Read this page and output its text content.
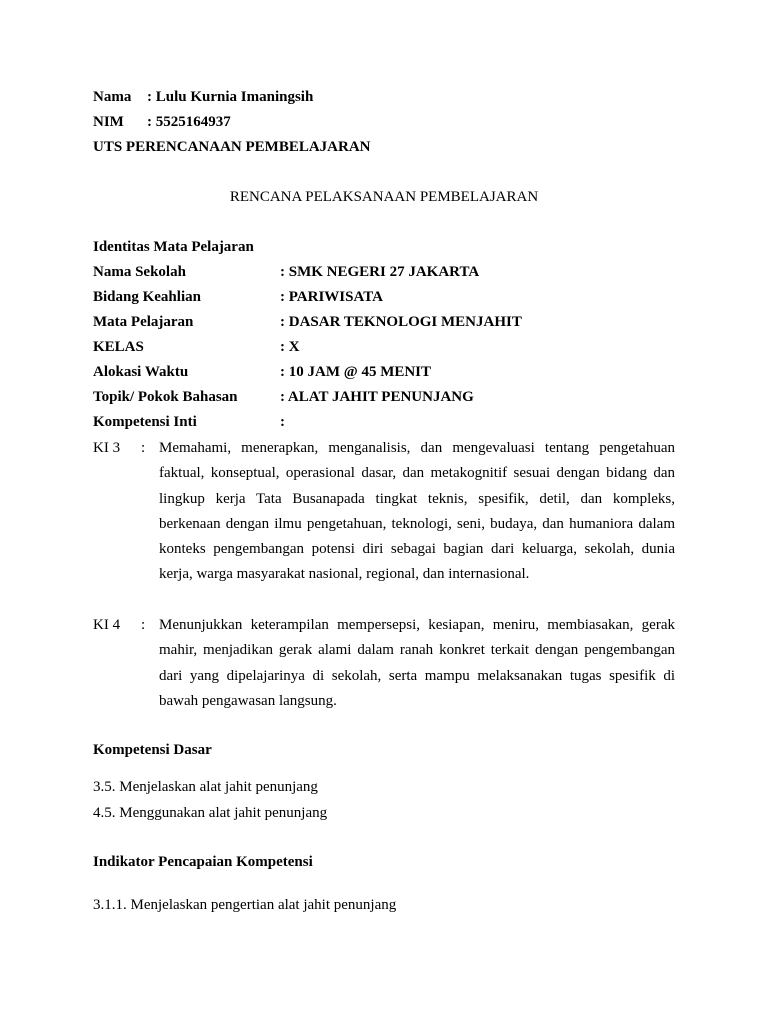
Nama : Lulu Kurnia Imaningsih
NIM : 5525164937
UTS PERENCANAAN PEMBELAJARAN
RENCANA PELAKSANAAN PEMBELAJARAN
Identitas Mata Pelajaran
Nama Sekolah	: SMK NEGERI 27 JAKARTA
Bidang Keahlian	: PARIWISATA
Mata Pelajaran	: DASAR TEKNOLOGI MENJAHIT
KELAS	: X
Alokasi Waktu	: 10 JAM @ 45 MENIT
Topik/ Pokok Bahasan	: ALAT JAHIT PENUNJANG
Kompetensi Inti	:
KI 3 : Memahami, menerapkan, menganalisis, dan mengevaluasi tentang pengetahuan faktual, konseptual, operasional dasar, dan metakognitif sesuai dengan bidang dan lingkup kerja Tata Busanapada tingkat teknis, spesifik, detil, dan kompleks, berkenaan dengan ilmu pengetahuan, teknologi, seni, budaya, dan humaniora dalam konteks pengembangan potensi diri sebagai bagian dari keluarga, sekolah, dunia kerja, warga masyarakat nasional, regional, dan internasional.
KI 4 : Menunjukkan keterampilan mempersepsi, kesiapan, meniru, membiasakan, gerak mahir, menjadikan gerak alami dalam ranah konkret terkait dengan pengembangan dari yang dipelajarinya di sekolah, serta mampu melaksanakan tugas spesifik di bawah pengawasan langsung.
Kompetensi Dasar
3.5. Menjelaskan alat jahit penunjang
4.5. Menggunakan alat jahit penunjang
Indikator Pencapaian Kompetensi
3.1.1. Menjelaskan pengertian alat jahit penunjang
